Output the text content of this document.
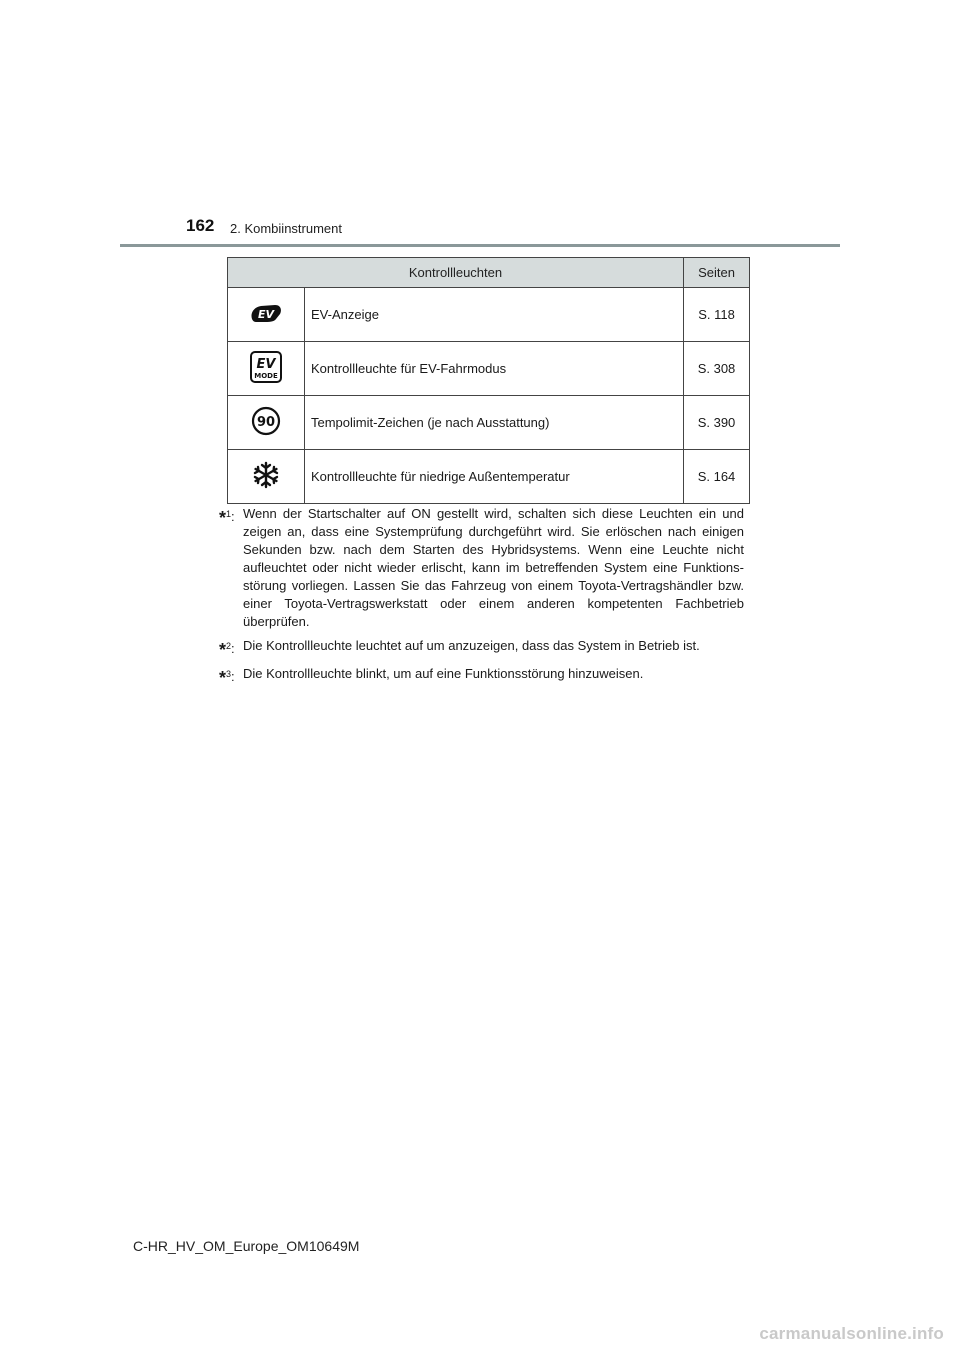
162 2. Kombiinstrument
Kontrollleuchten		Seiten

EV	EV-Anzeige	S. 118

EV
MODE	Kontrollleuchte für EV-Fahrmodus	S. 308

90	Tempolimit-Zeichen (je nach Ausstattung)	S. 390
	Kontrollleuchte für niedrige Außentemperatur	S. 164
*$^1$: Wenn der Startschalter auf ON gestellt wird, schalten sich diese Leuchten ein und zeigen an, dass eine Systemprüfung durchgeführt wird. Sie erlöschen nach einigen Sekunden bzw. nach dem Starten des Hybridsystems. Wenn eine Leuchte nicht aufleuchtet oder nicht wieder erlischt, kann im betreffenden System eine Funktions-störung vorliegen. Lassen Sie das Fahrzeug von einem Toyota-Vertragshändler bzw. einer Toyota-Vertragswerkstatt oder einem anderen kompetenten Fachbetrieb überprüfen.
*$^2$: Die Kontrollleuchte leuchtet auf um anzuzeigen, dass das System in Betrieb ist.
*$^3$: Die Kontrollleuchte blinkt, um auf eine Funktionsstörung hinzuweisen.
C-HR_HV_OM_Europe_OM10649M
carmanualsonline.info
